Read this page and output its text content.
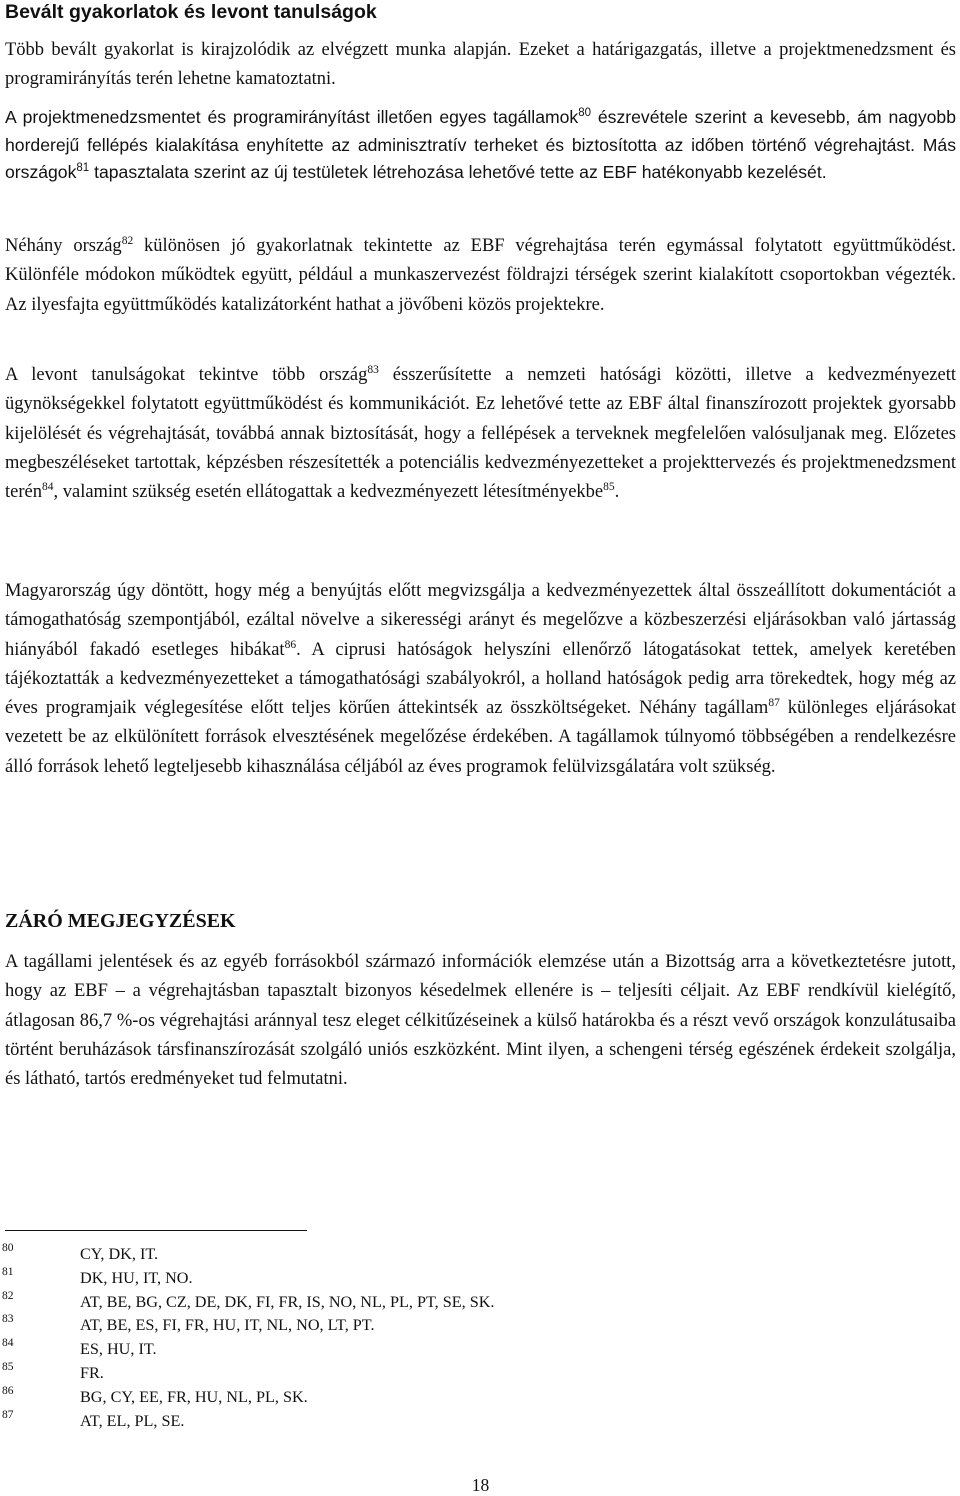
Bevált gyakorlatok és levont tanulságok

Több bevált gyakorlat is kirajzolódik az elvégzett munka alapján. Ezeket a határigazgatás, illetve a projektmenedzsment és programirányítás terén lehetne kamatoztatni.

A projektmenedzsmentet és programirányítást illetően egyes tagállamok$^{80}$ észrevétele szerint a kevesebb, ám nagyobb horderejű fellépés kialakítása enyhítette az adminisztratív terheket és biztosította az időben történő végrehajtást. Más országok$^{81}$ tapasztalata szerint az új testületek létrehozása lehetővé tette az EBF hatékonyabb kezelését.

Néhány ország$^{82}$ különösen jó gyakorlatnak tekintette az EBF végrehajtása terén egymással folytatott együttműködést. Különféle módokon működtek együtt, például a munkaszervezést földrajzi térségek szerint kialakított csoportokban végezték. Az ilyesfajta együttműködés katalizátorként hathat a jövőbeni közös projektekre.

A levont tanulságokat tekintve több ország$^{83}$ ésszerűsítette a nemzeti hatósági közötti, illetve a kedvezményezett ügynökségekkel folytatott együttműködést és kommunikációt. Ez lehetővé tette az EBF által finanszírozott projektek gyorsabb kijelölését és végrehajtását, továbbá annak biztosítását, hogy a fellépések a terveknek megfelelően valósuljanak meg. Előzetes megbeszéléseket tartottak, képzésben részesítették a potenciális kedvezményezetteket a projekttervezés és projektmenedzsment terén$^{84}$, valamint szükség esetén ellátogattak a kedvezményezett létesítményekbe$^{85}$.

Magyarország úgy döntött, hogy még a benyújtás előtt megvizsgálja a kedvezményezettek által összeállított dokumentációt a támogathatóság szempontjából, ezáltal növelve a sikerességi arányt és megelőzve a közbeszerzési eljárásokban való jártasság hiányából fakadó esetleges hibákat$^{86}$. A ciprusi hatóságok helyszíni ellenőrző látogatásokat tettek, amelyek keretében tájékoztatták a kedvezményezetteket a támogathatósági szabályokról, a holland hatóságok pedig arra törekedtek, hogy még az éves programjaik véglegesítése előtt teljes körűen áttekintsék az összköltségeket. Néhány tagállam$^{87}$ különleges eljárásokat vezetett be az elkülönített források elvesztésének megelőzése érdekében. A tagállamok túlnyomó többségében a rendelkezésre álló források lehető legteljesebb kihasználása céljából az éves programok felülvizsgálatára volt szükség.

ZÁRÓ MEGJEGYZÉSEK

A tagállami jelentések és az egyéb forrásokból származó információk elemzése után a Bizottság arra a következtetésre jutott, hogy az EBF – a végrehajtásban tapasztalt bizonyos késedelmek ellenére is – teljesíti céljait. Az EBF rendkívül kielégítő, átlagosan 86,7 %-os végrehajtási aránnyal tesz eleget célkitűzéseinek a külső határokba és a részt vevő országok konzulátusaiba történt beruházások társfinanszírozását szolgáló uniós eszközként. Mint ilyen, a schengeni térség egészének érdekeit szolgálja, és látható, tartós eredményeket tud felmutatni.

80	CY, DK, IT.
81	DK, HU, IT, NO.
82	AT, BE, BG, CZ, DE, DK, FI, FR, IS, NO, NL, PL, PT, SE, SK.
83	AT, BE, ES, FI, FR, HU, IT, NL, NO, LT, PT.
84	ES, HU, IT.
85	FR.
86	BG, CY, EE, FR, HU, NL, PL, SK.
87	AT, EL, PL, SE.
18
